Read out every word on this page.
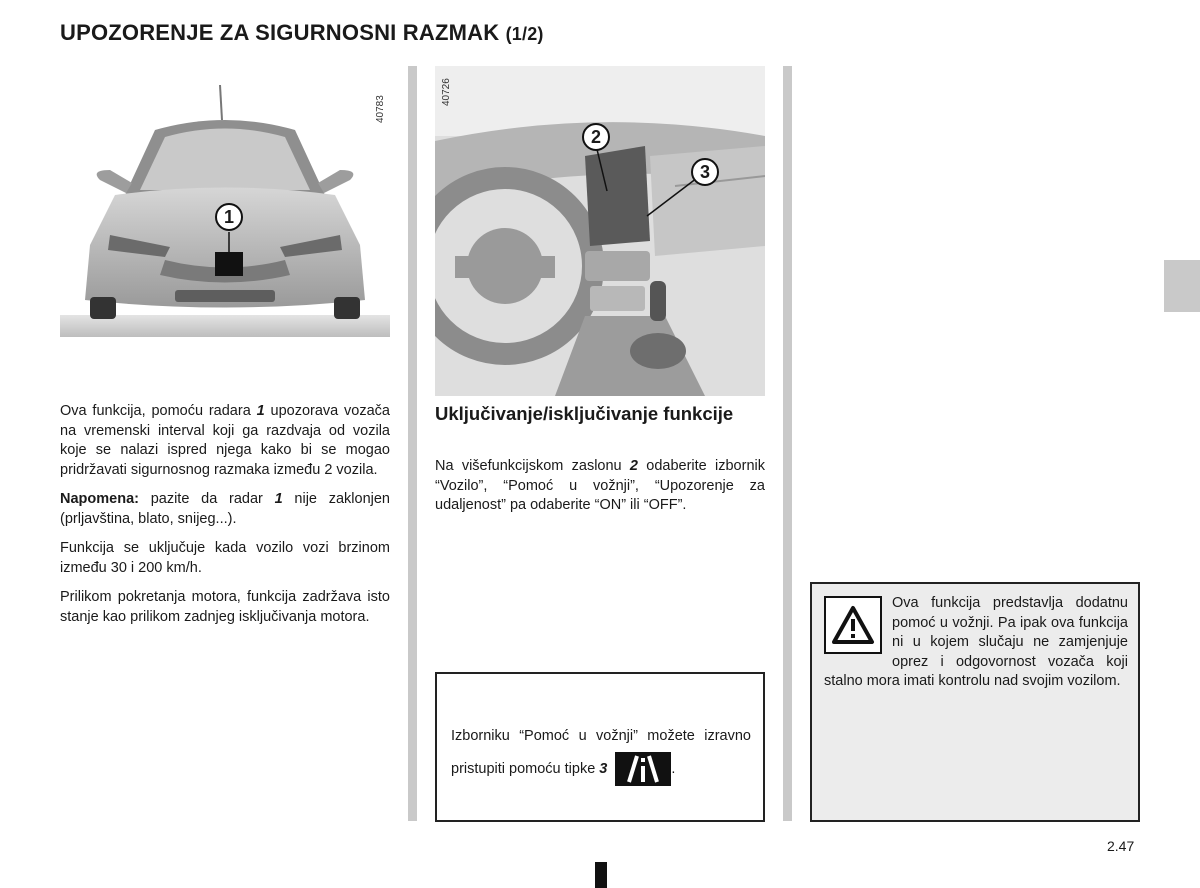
UPOZORENJE ZA SIGURNOSNI RAZMAK (1/2)
1
40783
2
3
40726

Ova funkcija, pomoću radara 1 upozorava vozača na vremenski interval koji ga razdvaja od vozila koje se nalazi ispred njega kako bi se mogao pridržavati sigurnosnog razmaka između 2 vozila.

Napomena: pazite da radar 1 nije zaklonjen (prljavština, blato, snijeg...).

Funkcija se uključuje kada vozilo vozi brzinom između 30 i 200 km/h.

Prilikom pokretanja motora, funkcija zadržava isto stanje kao prilikom zadnjeg isključivanja motora.

Uključivanje/isključivanje funkcije

Na višefunkcijskom zaslonu 2 odaberite izbornik “Vozilo”, “Pomoć u vožnji”, “Upozorenje za udaljenost” pa odaberite “ON” ili “OFF”.

Izborniku “Pomoć u vožnji” možete izravno pristupiti pomoću tipke 3	.
Ova funkcija predstavlja dodatnu pomoć u vožnji. Pa ipak ova funkcija ni u kojem slučaju ne zamjenjuje oprez i odgovornost vozača koji stalno mora imati kontrolu nad svojim vozilom.
2.47
